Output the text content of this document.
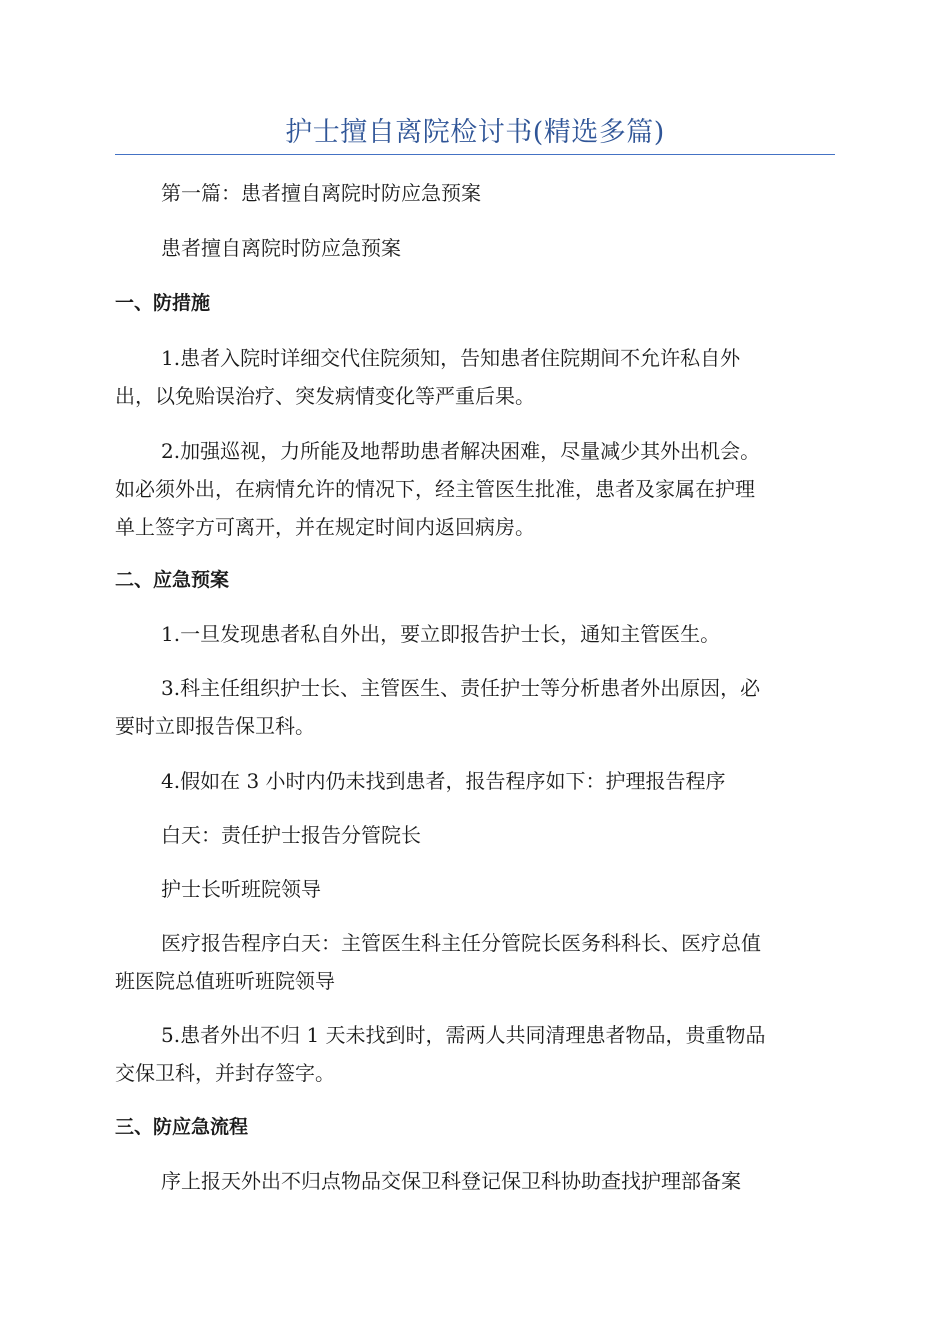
护士擅自离院检讨书(精选多篇)

第一篇：患者擅自离院时防应急预案

患者擅自离院时防应急预案

一、防措施

1.患者入院时详细交代住院须知，告知患者住院期间不允许私自外

出，以免贻误治疗、突发病情变化等严重后果。

2.加强巡视，力所能及地帮助患者解决困难，尽量减少其外出机会。

如必须外出，在病情允许的情况下，经主管医生批准，患者及家属在护理

单上签字方可离开，并在规定时间内返回病房。

二、应急预案

1.一旦发现患者私自外出，要立即报告护士长，通知主管医生。

3.科主任组织护士长、主管医生、责任护士等分析患者外出原因，必

要时立即报告保卫科。

4.假如在 3 小时内仍未找到患者，报告程序如下：护理报告程序

白天：责任护士报告分管院长

护士长听班院领导

医疗报告程序白天：主管医生科主任分管院长医务科科长、医疗总值

班医院总值班听班院领导

5.患者外出不归 1 天未找到时，需两人共同清理患者物品，贵重物品

交保卫科，并封存签字。

三、防应急流程

序上报天外出不归点物品交保卫科登记保卫科协助查找护理部备案
